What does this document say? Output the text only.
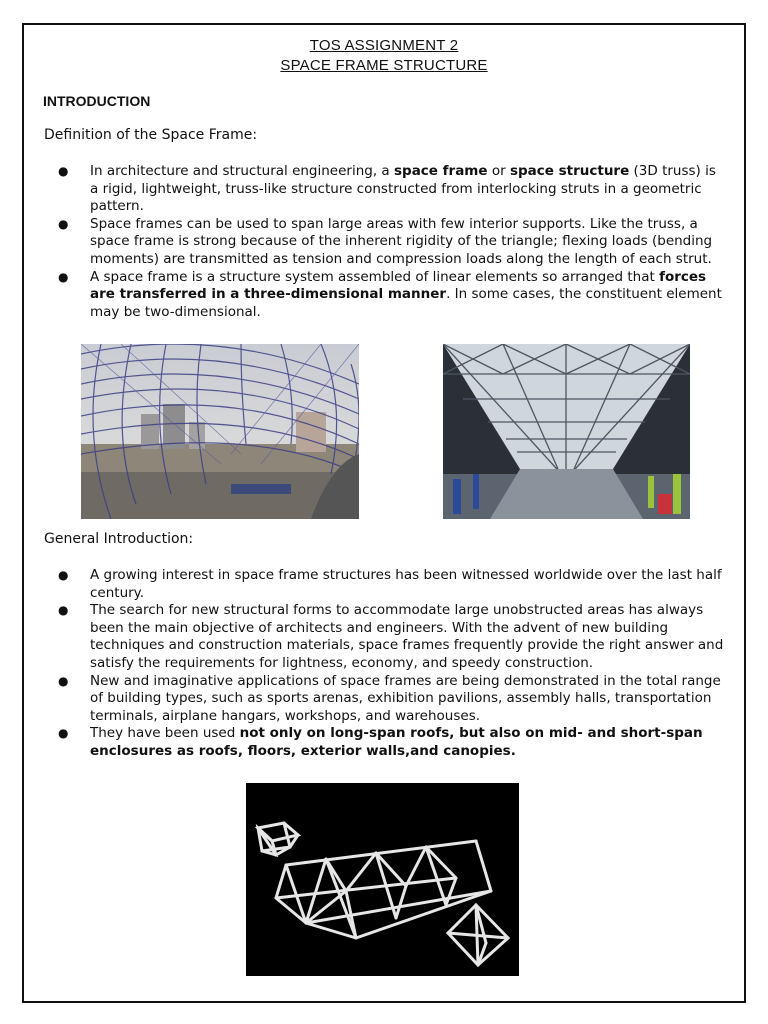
TOS ASSIGNMENT 2
SPACE FRAME STRUCTURE
INTRODUCTION
Definition of the Space Frame:
● In architecture and structural engineering, a space frame or space structure (3D truss) is a rigid, lightweight, truss-like structure constructed from interlocking struts in a geometric pattern.
● Space frames can be used to span large areas with few interior supports. Like the truss, a space frame is strong because of the inherent rigidity of the triangle; flexing loads (bending moments) are transmitted as tension and compression loads along the length of each strut.
● A space frame is a structure system assembled of linear elements so arranged that forces are transferred in a three-dimensional manner. In some cases, the constituent element may be two-dimensional.
General Introduction:
● A growing interest in space frame structures has been witnessed worldwide over the last half century.
● The search for new structural forms to accommodate large unobstructed areas has always been the main objective of architects and engineers. With the advent of new building techniques and construction materials, space frames frequently provide the right answer and satisfy the requirements for lightness, economy, and speedy construction.
● New and imaginative applications of space frames are being demonstrated in the total range of building types, such as sports arenas, exhibition pavilions, assembly halls, transportation terminals, airplane hangars, workshops, and warehouses.
● They have been used not only on long-span roofs, but also on mid- and short-span enclosures as roofs, floors, exterior walls,and canopies.
